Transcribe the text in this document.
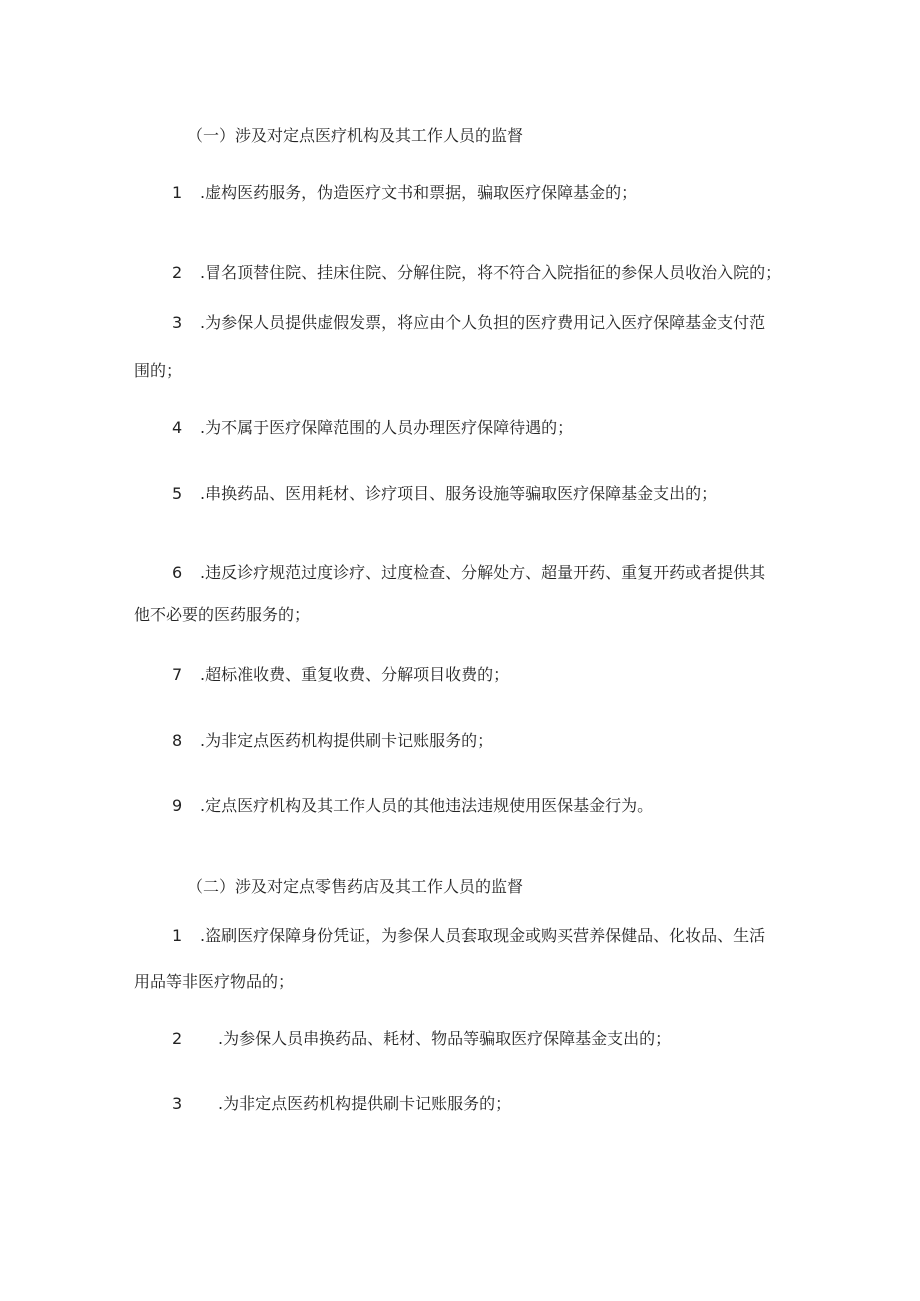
（一）涉及对定点医疗机构及其工作人员的监督
1 .虚构医药服务，伪造医疗文书和票据，骗取医疗保障基金的；
2 .冒名顶替住院、挂床住院、分解住院，将不符合入院指征的参保人员收治入院的；
3 .为参保人员提供虚假发票，将应由个人负担的医疗费用记入医疗保障基金支付范
围的；
4 .为不属于医疗保障范围的人员办理医疗保障待遇的；
5 .串换药品、医用耗材、诊疗项目、服务设施等骗取医疗保障基金支出的；
6 .违反诊疗规范过度诊疗、过度检查、分解处方、超量开药、重复开药或者提供其
他不必要的医药服务的；
7 .超标准收费、重复收费、分解项目收费的；
8 .为非定点医药机构提供刷卡记账服务的；
9 .定点医疗机构及其工作人员的其他违法违规使用医保基金行为。
（二）涉及对定点零售药店及其工作人员的监督
1 .盗刷医疗保障身份凭证，为参保人员套取现金或购买营养保健品、化妆品、生活
用品等非医疗物品的；
2 .为参保人员串换药品、耗材、物品等骗取医疗保障基金支出的；
3 .为非定点医药机构提供刷卡记账服务的；
